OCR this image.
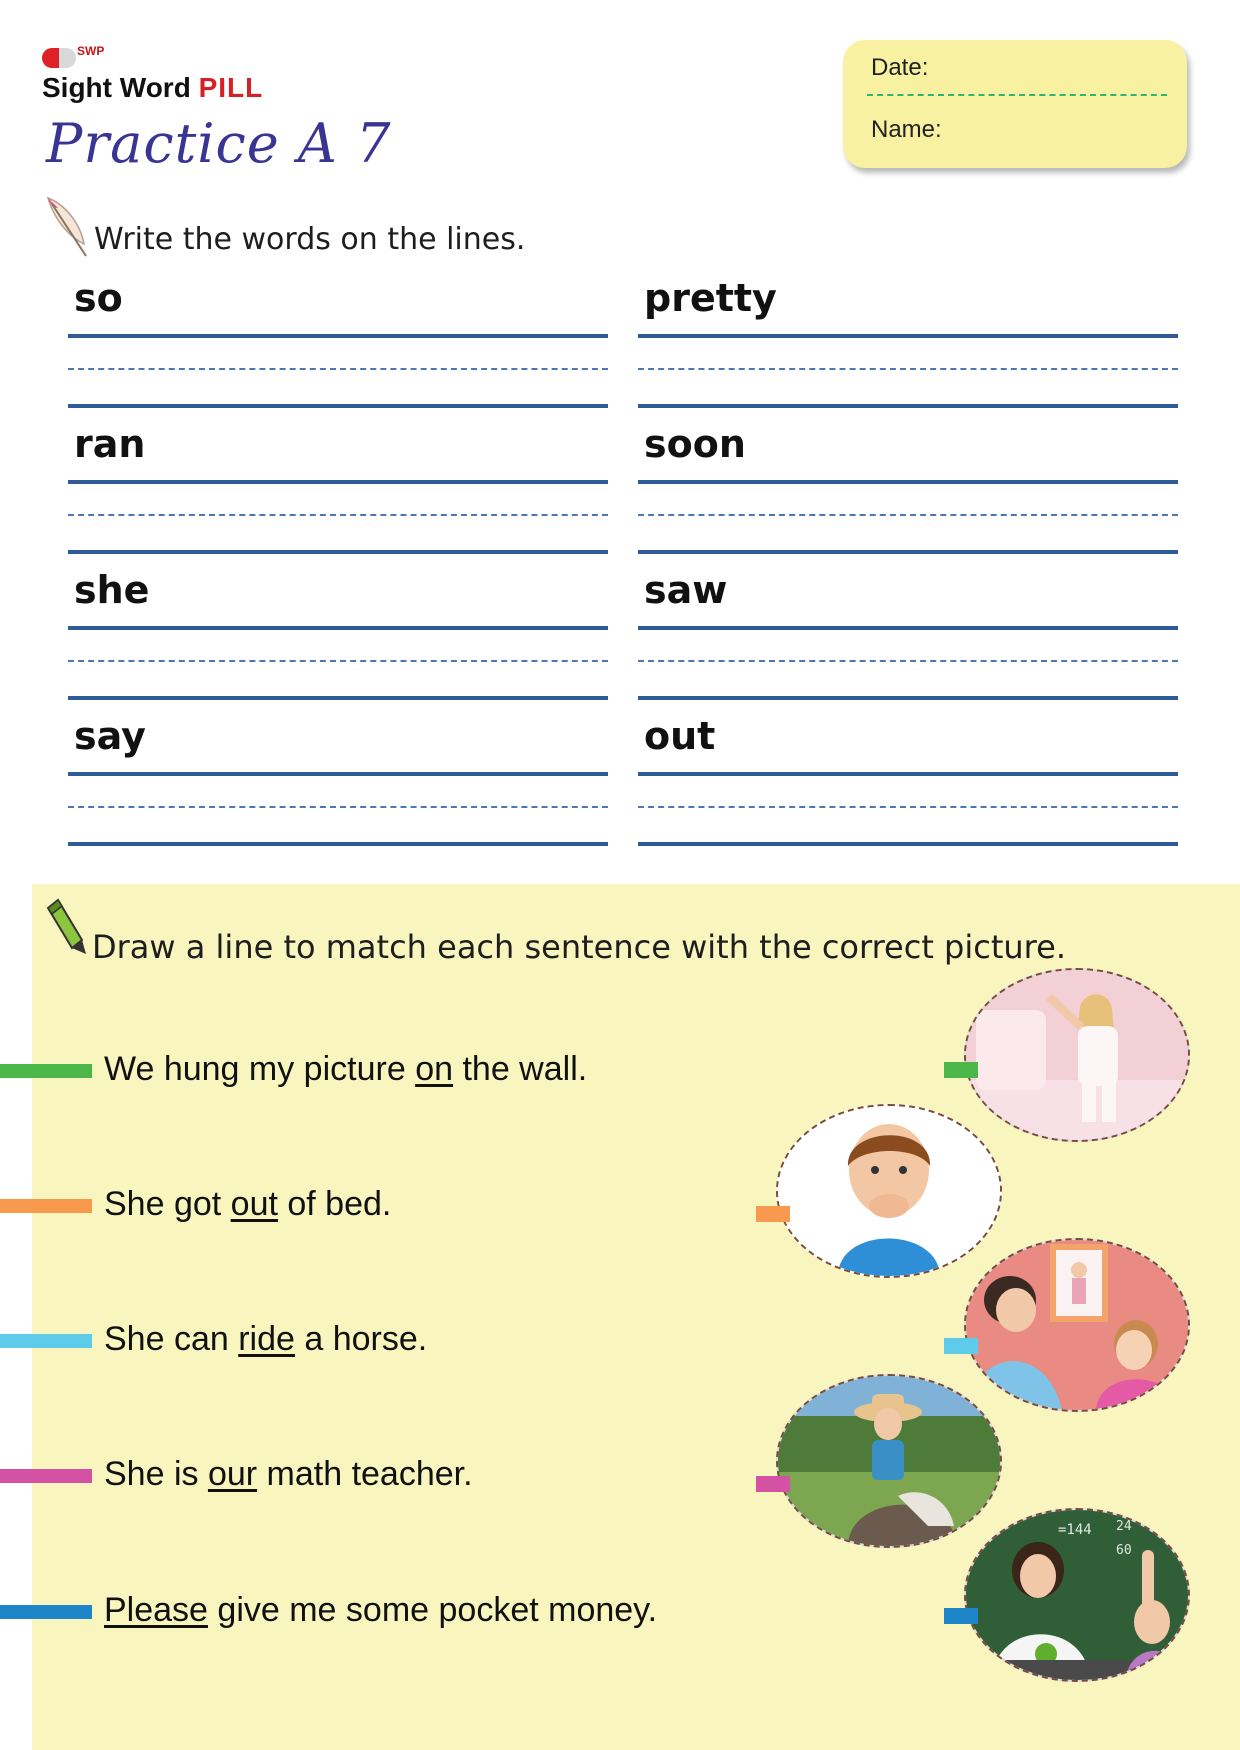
SWP
Sight Word PILL
Practice A 7
Date:
Name:
Write the words on the lines.
so	pretty
ran	soon
she	saw
say	out
Draw a line to match each sentence with the correct picture.
We hung my picture on the wall.
She got out of bed.
She can ride a horse.
She is our math teacher.
Please give me some pocket money.
=144 24
60
